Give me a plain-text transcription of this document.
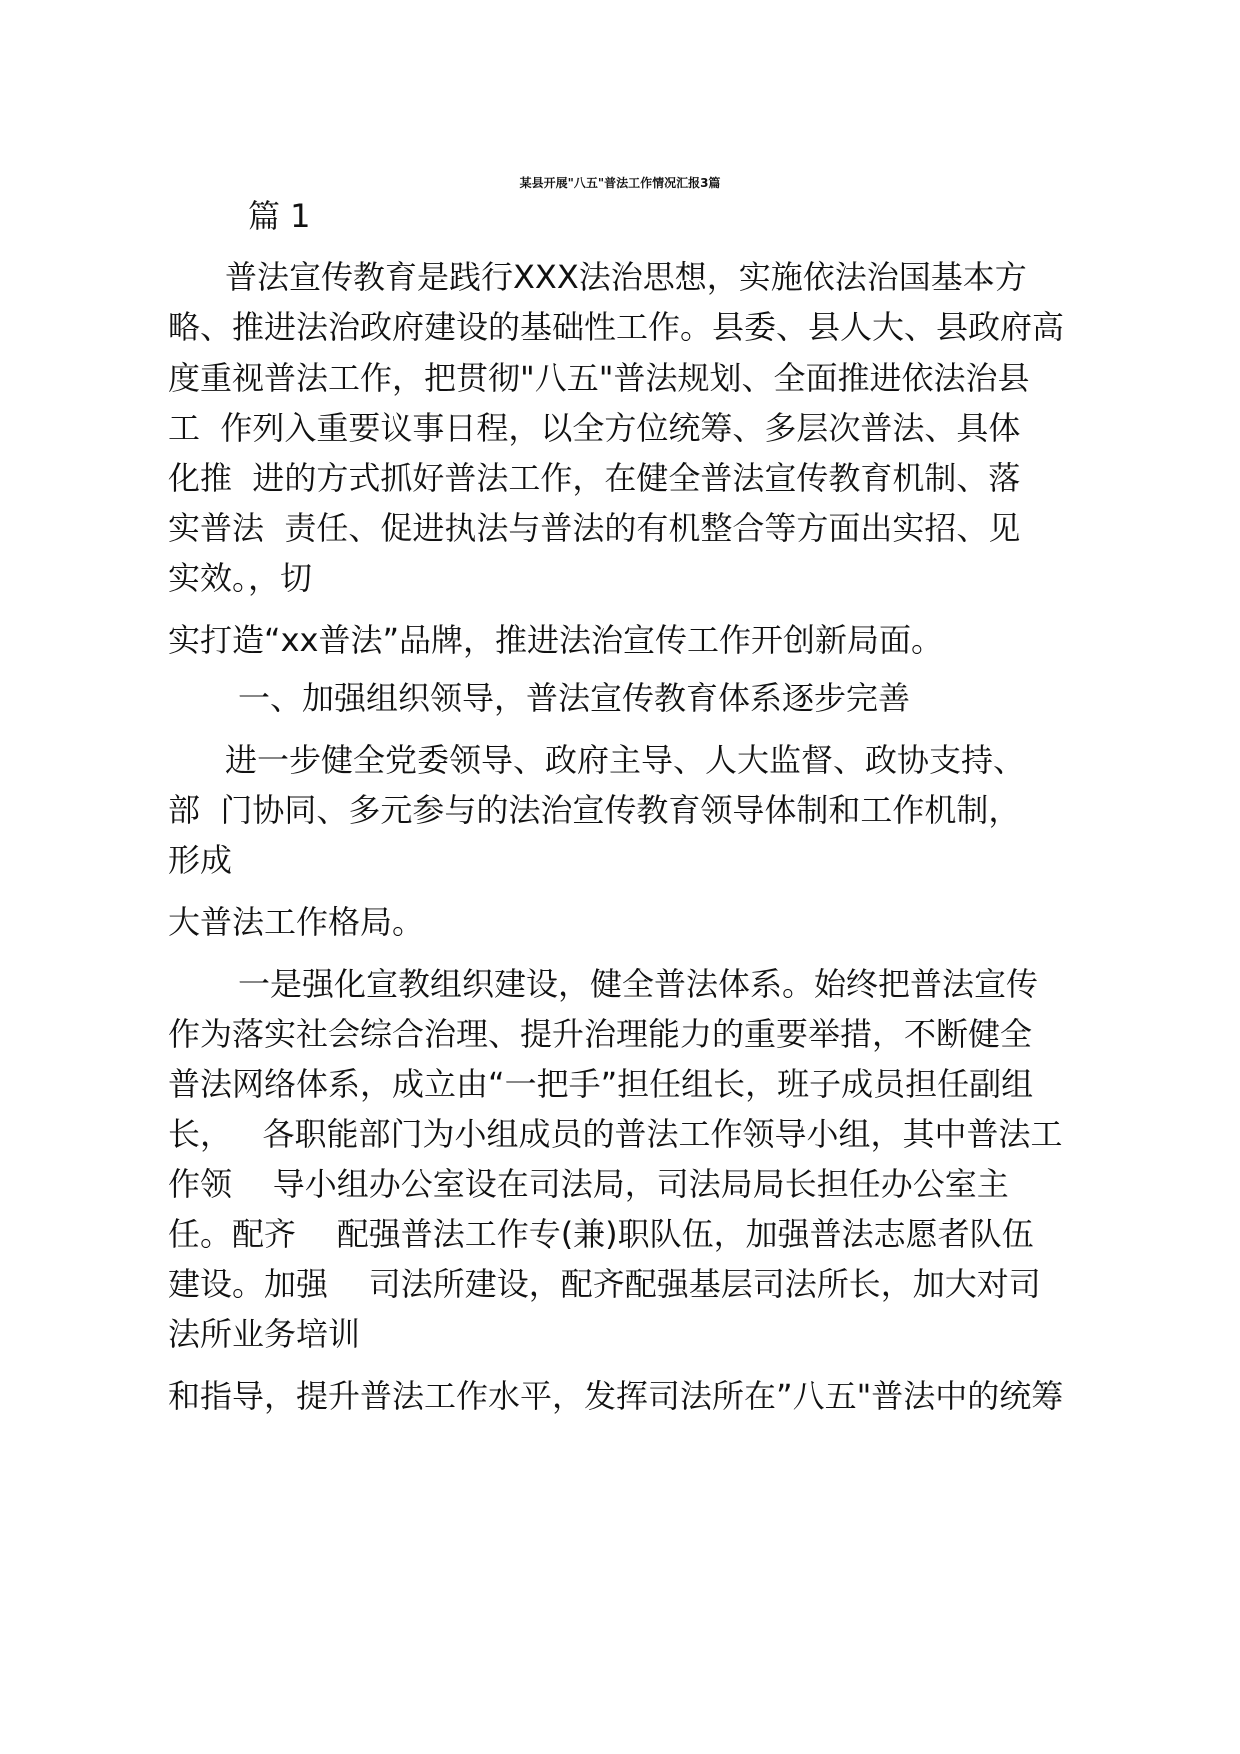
某县开展"八五"普法工作情况汇报3篇
篇 1
普法宣传教育是践行XXX法治思想，实施依法治国基本方
略、推进法治政府建设的基础性工作。县委、县人大、县政府高
度重视普法工作，把贯彻"八五"普法规划、全面推进依法治县
工  作列入重要议事日程，以全方位统筹、多层次普法、具体
化推  进的方式抓好普法工作，在健全普法宣传教育机制、落
实普法  责任、促进执法与普法的有机整合等方面出实招、见
实效。，切
实打造“xx普法”品牌，推进法治宣传工作开创新局面。
一、加强组织领导，普法宣传教育体系逐步完善
进一步健全党委领导、政府主导、人大监督、政协支持、
部  门协同、多元参与的法治宣传教育领导体制和工作机制，
形成
大普法工作格局。
一是强化宣教组织建设，健全普法体系。始终把普法宣传
作为落实社会综合治理、提升治理能力的重要举措，不断健全
普法网络体系，成立由“一把手”担任组长，班子成员担任副组
长，   各职能部门为小组成员的普法工作领导小组，其中普法工
作领    导小组办公室设在司法局，司法局局长担任办公室主
任。配齐    配强普法工作专(兼)职队伍，加强普法志愿者队伍
建设。加强    司法所建设，配齐配强基层司法所长，加大对司
法所业务培训
和指导，提升普法工作水平，发挥司法所在”八五"普法中的统筹
